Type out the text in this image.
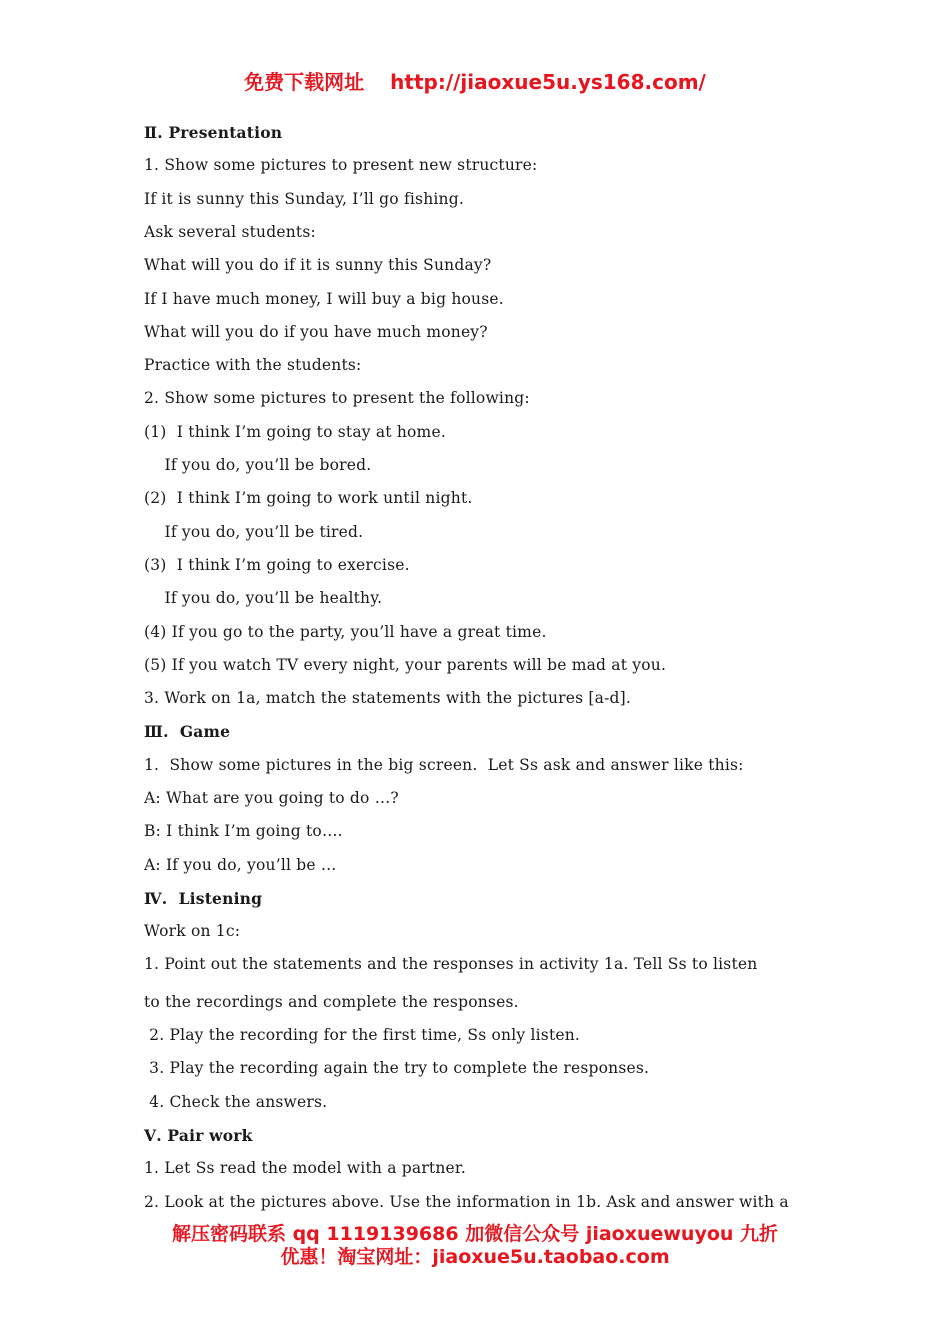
免费下载网址 http://jiaoxue5u.ys168.com/
Ⅱ. Presentation
1. Show some pictures to present new structure:
If it is sunny this Sunday, I’ll go fishing.
Ask several students:
What will you do if it is sunny this Sunday?
If I have much money, I will buy a big house.
What will you do if you have much money?
Practice with the students:
2. Show some pictures to present the following:
(1)  I think I’m going to stay at home.
If you do, you’ll be bored.
(2)  I think I’m going to work until night.
If you do, you’ll be tired.
(3)  I think I’m going to exercise.
If you do, you’ll be healthy.
(4) If you go to the party, you’ll have a great time.
(5) If you watch TV every night, your parents will be mad at you.
3. Work on 1a, match the statements with the pictures [a-d].
Ⅲ.  Game
1.  Show some pictures in the big screen.  Let Ss ask and answer like this:
A: What are you going to do …?
B: I think I’m going to….
A: If you do, you’ll be …
Ⅳ.  Listening
Work on 1c:
1. Point out the statements and the responses in activity 1a. Tell Ss to listen
to the recordings and complete the responses.
2. Play the recording for the first time, Ss only listen.
3. Play the recording again the try to complete the responses.
4. Check the answers.
Ⅴ. Pair work
1. Let Ss read the model with a partner.
2. Look at the pictures above. Use the information in 1b. Ask and answer with a
解压密码联系 qq 1119139686 加微信公众号 jiaoxuewuyou 九折
优惠！淘宝网址：jiaoxue5u.taobao.com
